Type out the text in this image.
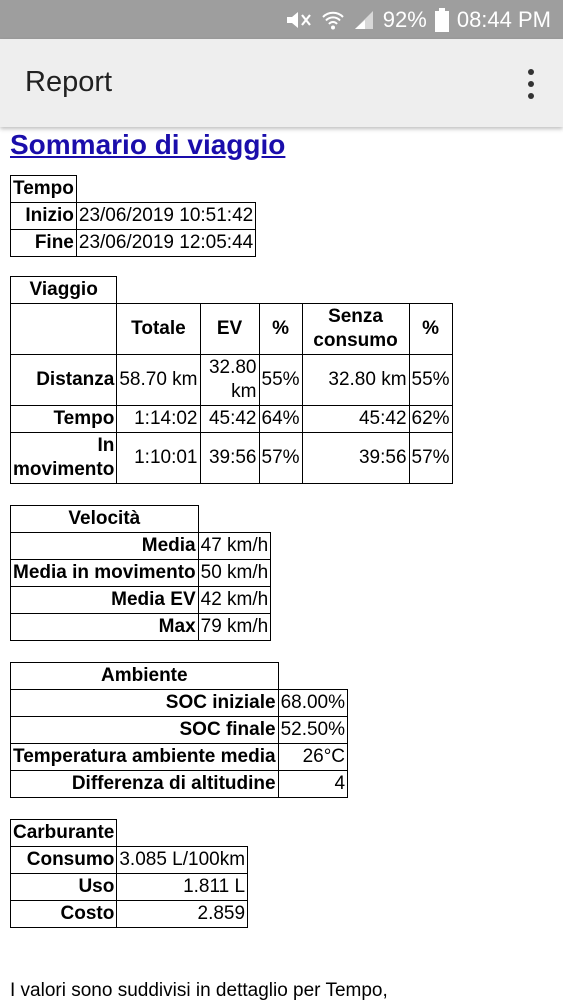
92% 08:44 PM
Report
Sommario di viaggio
Tempo	
Inizio	23/06/2019 10:51:42
Fine	23/06/2019 12:05:44
Viaggio					
	Totale	EV	%	Senza consumo	%
Distanza	58.70 km	32.80 km	55%	32.80 km	55%
Tempo	1:14:02	45:42	64%	45:42	62%
In movimento	1:10:01	39:56	57%	39:56	57%
Velocità	
Media	47 km/h
Media in movimento	50 km/h
Media EV	42 km/h
Max	79 km/h
Ambiente	
SOC iniziale	68.00%
SOC finale	52.50%
Temperatura ambiente media	26°C
Differenza di altitudine	4
Carburante	
Consumo	3.085 L/100km
Uso	1.811 L
Costo	2.859
I valori sono suddivisi in dettaglio per Tempo,
